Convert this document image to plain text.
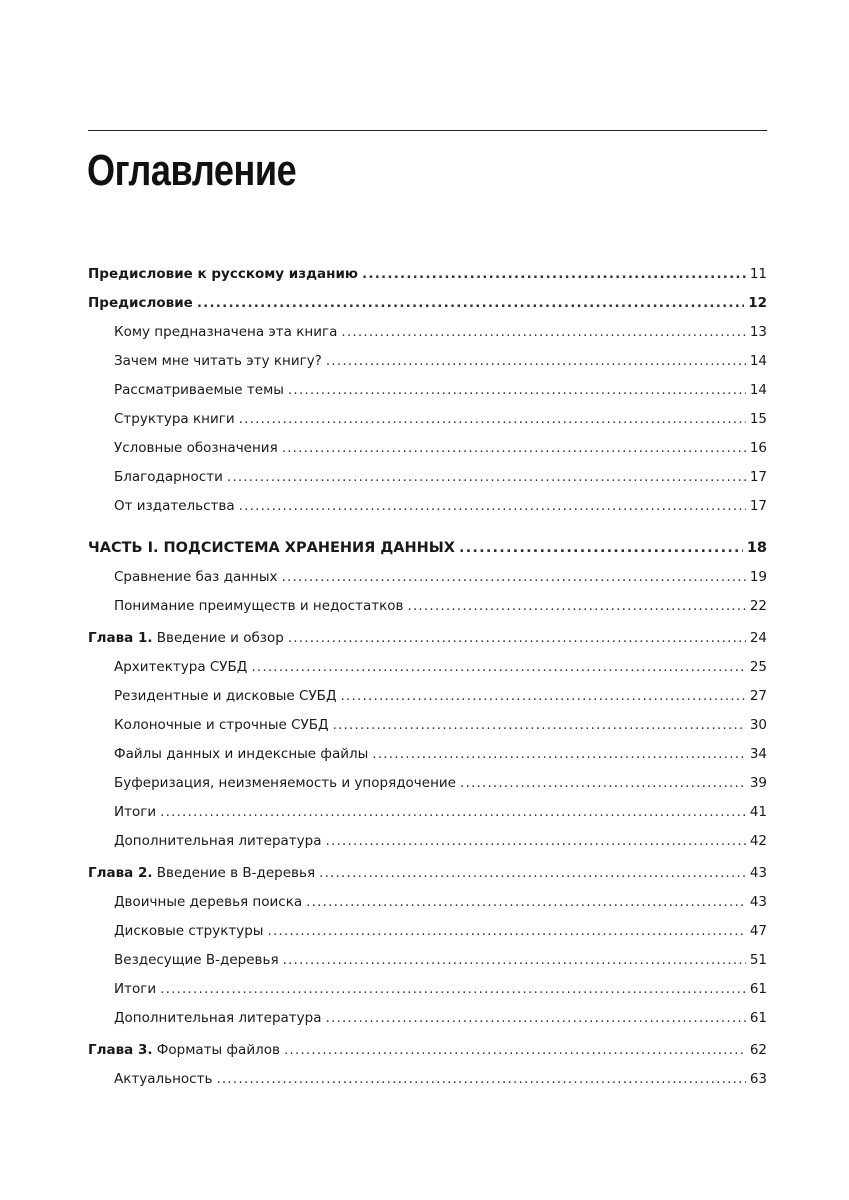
Оглавление
Предисловие к русскому изданию .....	11
Предисловие .....	12
Кому предназначена эта книга .....	13
Зачем мне читать эту книгу? .....	14
Рассматриваемые темы .....	14
Структура книги .....	15
Условные обозначения .....	16
Благодарности .....	17
От издательства .....	17
ЧАСТЬ I. ПОДСИСТЕМА ХРАНЕНИЯ ДАННЫХ .....	18
Сравнение баз данных .....	19
Понимание преимуществ и недостатков .....	22
Глава 1. Введение и обзор .....	24
Архитектура СУБД .....	25
Резидентные и дисковые СУБД .....	27
Колоночные и строчные СУБД .....	30
Файлы данных и индексные файлы .....	34
Буферизация, неизменяемость и упорядочение .....	39
Итоги .....	41
Дополнительная литература .....	42
Глава 2. Введение в B-деревья .....	43
Двоичные деревья поиска .....	43
Дисковые структуры .....	47
Вездесущие B-деревья .....	51
Итоги .....	61
Дополнительная литература .....	61
Глава 3. Форматы файлов .....	62
Актуальность .....	63
